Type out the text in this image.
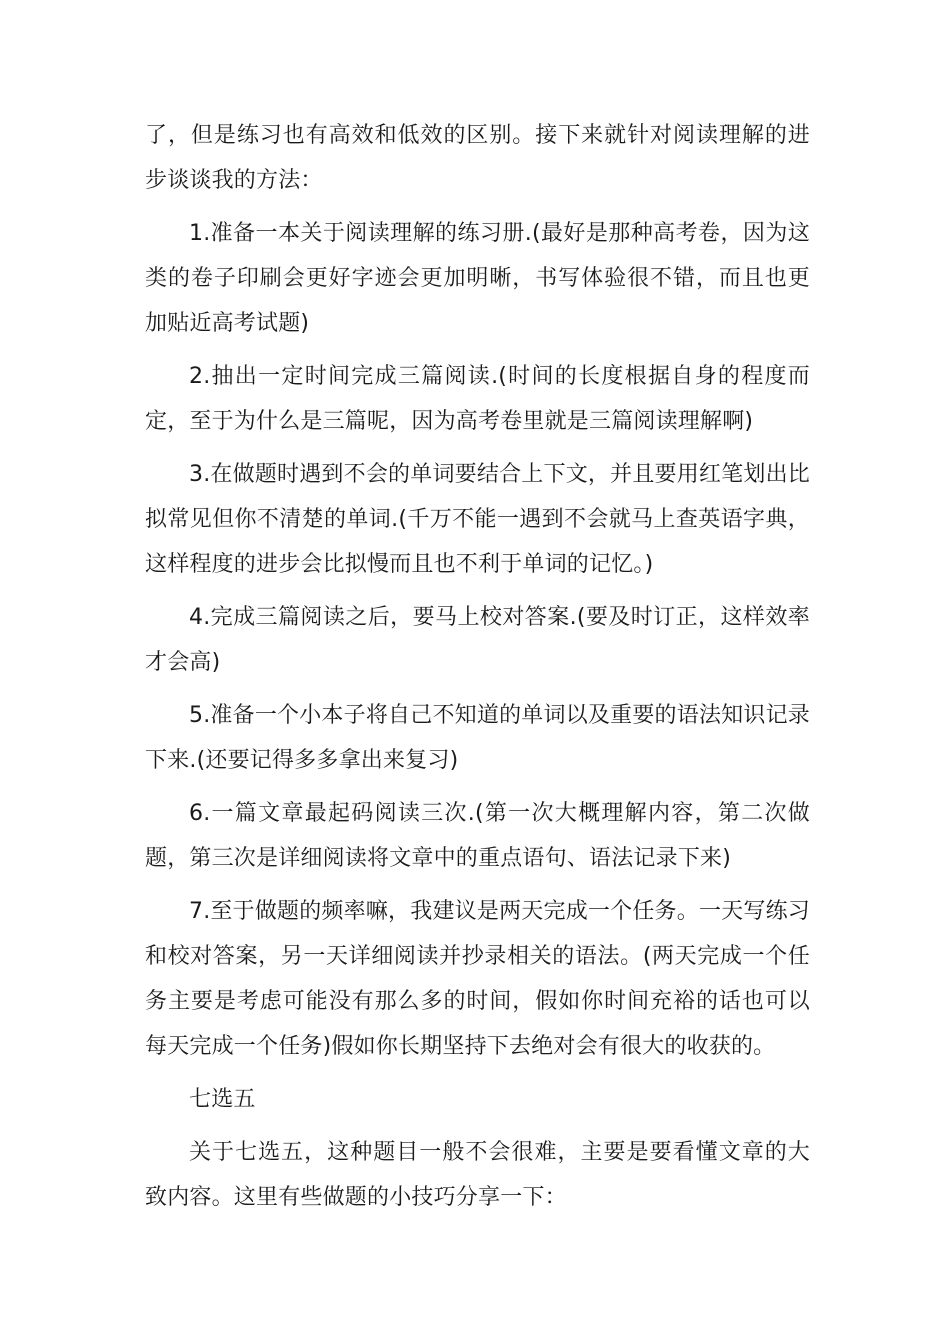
了，但是练习也有高效和低效的区别。接下来就针对阅读理解的进步谈谈我的方法：

1.准备一本关于阅读理解的练习册.(最好是那种高考卷，因为这类的卷子印刷会更好字迹会更加明晰，书写体验很不错，而且也更加贴近高考试题)

2.抽出一定时间完成三篇阅读.(时间的长度根据自身的程度而定，至于为什么是三篇呢，因为高考卷里就是三篇阅读理解啊)

3.在做题时遇到不会的单词要结合上下文，并且要用红笔划出比拟常见但你不清楚的单词.(千万不能一遇到不会就马上查英语字典，这样程度的进步会比拟慢而且也不利于单词的记忆。)

4.完成三篇阅读之后，要马上校对答案.(要及时订正，这样效率才会高)

5.准备一个小本子将自己不知道的单词以及重要的语法知识记录下来.(还要记得多多拿出来复习)

6.一篇文章最起码阅读三次.(第一次大概理解内容，第二次做题，第三次是详细阅读将文章中的重点语句、语法记录下来)

7.至于做题的频率嘛，我建议是两天完成一个任务。一天写练习和校对答案，另一天详细阅读并抄录相关的语法。(两天完成一个任务主要是考虑可能没有那么多的时间，假如你时间充裕的话也可以每天完成一个任务)假如你长期坚持下去绝对会有很大的收获的。

七选五

关于七选五，这种题目一般不会很难，主要是要看懂文章的大致内容。这里有些做题的小技巧分享一下：
